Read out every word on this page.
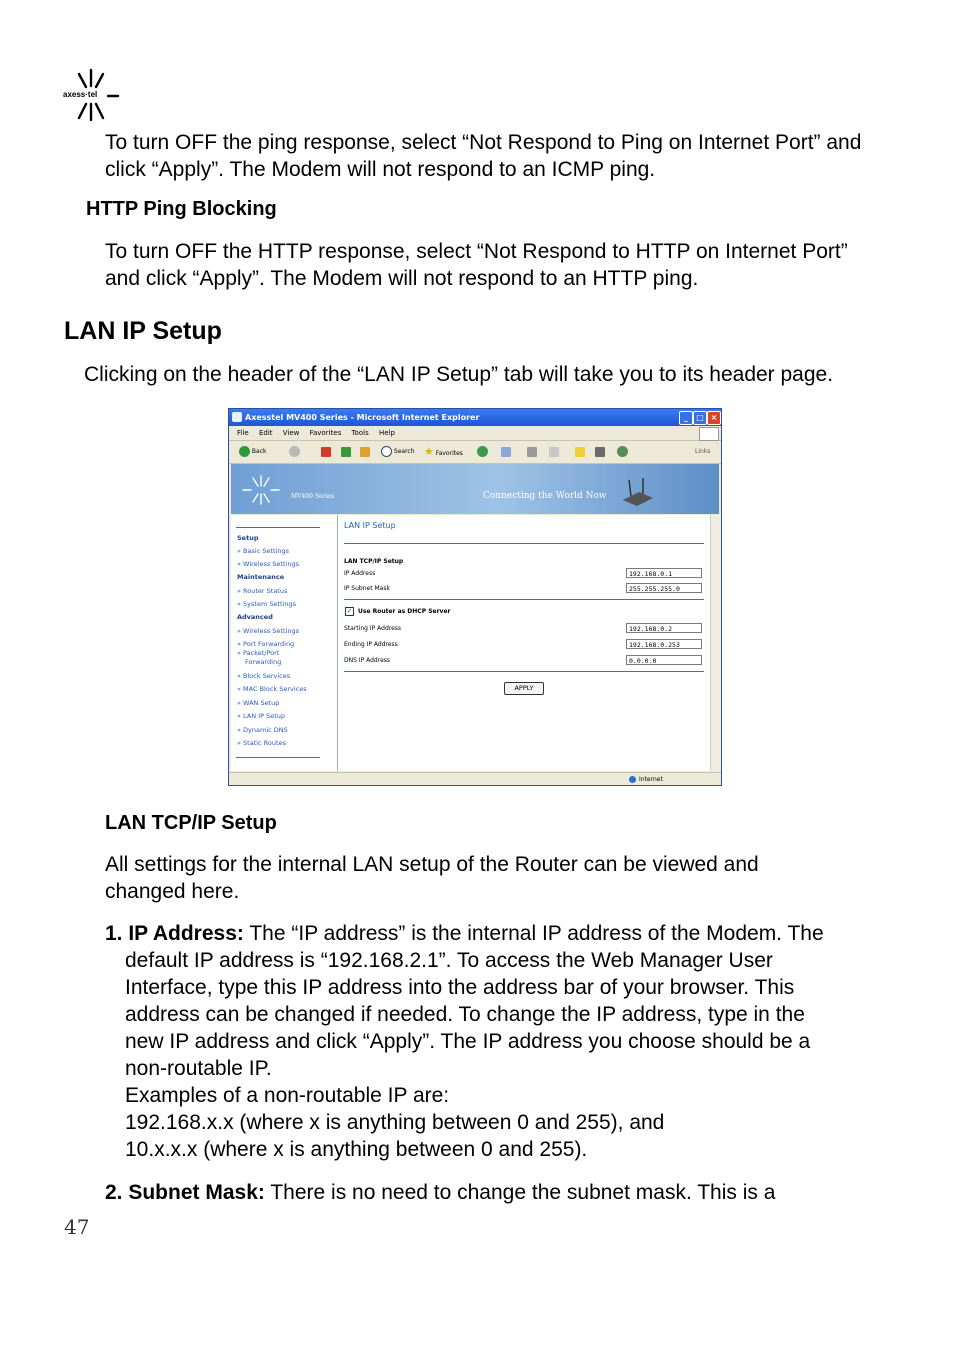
axess·tel
To turn OFF the ping response, select “Not Respond to Ping on Internet Port” and click “Apply”. The Modem will not respond to an ICMP ping.
HTTP Ping Blocking
To turn OFF the HTTP response, select “Not Respond to HTTP on Internet Port” and click “Apply”. The Modem will not respond to an HTTP ping.
LAN IP Setup
Clicking on the header of the “LAN IP Setup” tab will take you to its header page.
Axesstel MV400 Series - Microsoft Internet Explorer	_	□ ×
File Edit View Favorites Tools Help
Back	Search ★ Favorites	Links
MV400 Series	Connecting the World Now
Setup
» Basic Settings
» Wireless Settings
Maintenance
» Router Status
» System Settings
Advanced
» Wireless Settings
» Port Forwarding
» Packet/Port
Forwarding
» Block Services
» MAC Block Services
» WAN Setup
» LAN IP Setup
» Dynamic DNS
» Static Routes
LAN IP Setup
LAN TCP/IP Setup
IP Address	192.168.0.1
IP Subnet Mask	255.255.255.0
✓ Use Router as DHCP Server
Starting IP Address	192.168.0.2
Ending IP Address	192.168.0.253
DNS IP Address	0.0.0.0
APPLY
Internet
LAN TCP/IP Setup
All settings for the internal LAN setup of the Router can be viewed and changed here.
1. IP Address: The “IP address” is the internal IP address of the Modem. The
default IP address is “192.168.2.1”. To access the Web Manager User
Interface, type this IP address into the address bar of your browser. This
address can be changed if needed. To change the IP address, type in the
new IP address and click “Apply”. The IP address you choose should be a
non-routable IP.
Examples of a non-routable IP are:
192.168.x.x (where x is anything between 0 and 255), and
10.x.x.x (where x is anything between 0 and 255).
2. Subnet Mask: There is no need to change the subnet mask. This is a
47
